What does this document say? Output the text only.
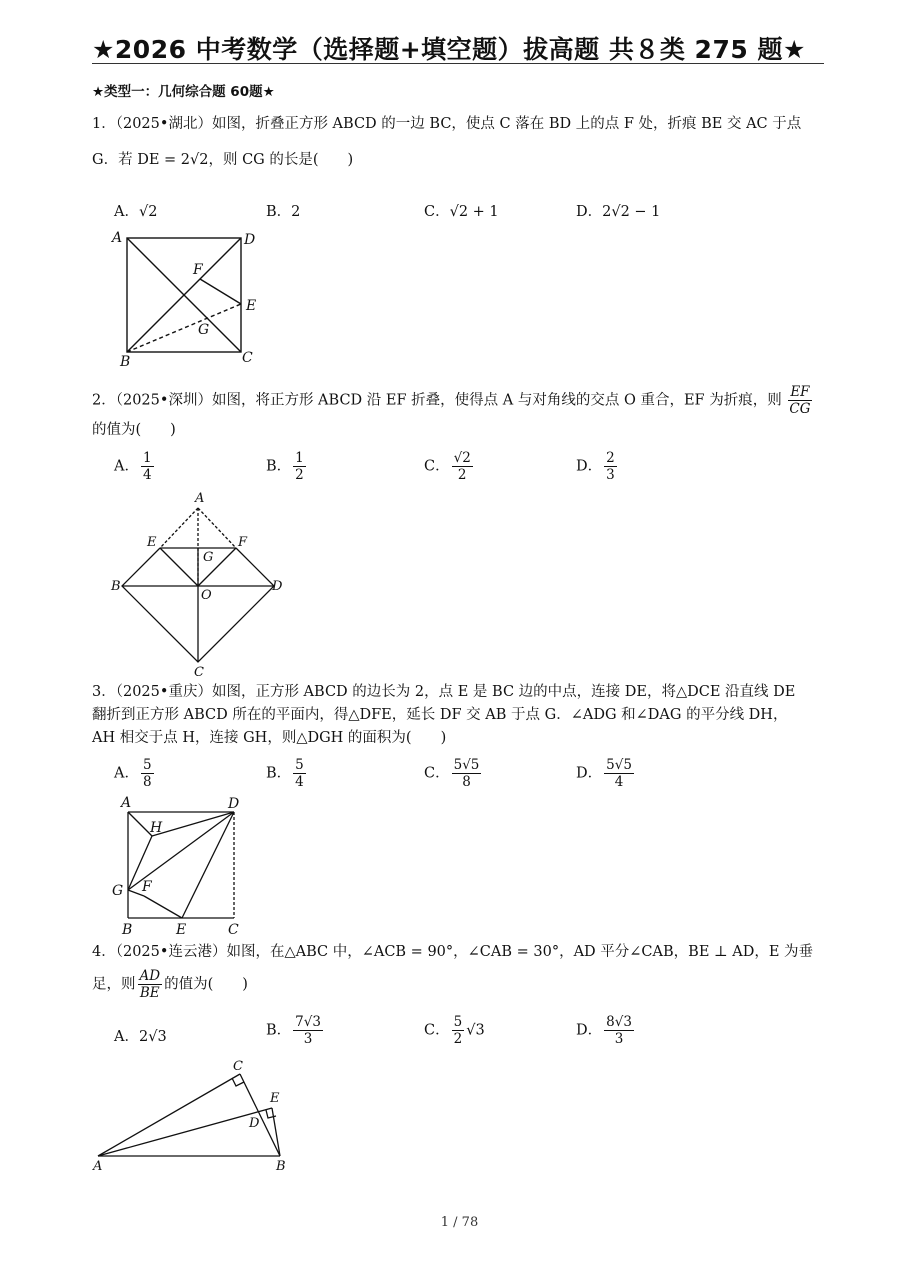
★2026 中考数学（选择题+填空题）拔高题 共８类 275 题★
★类型一：几何综合题 60题★
1．（2025•湖北）如图，折叠正方形 ABCD 的一边 BC，使点 C 落在 BD 上的点 F 处，折痕 BE 交 AC 于点
G．若 DE = 2√2，则 CG 的长是(　　)
A．√2	B．2	C．√2 + 1	D．2√2 − 1
A	D
F
E
G
B	C
2．（2025•深圳）如图，将正方形 ABCD 沿 EF 折叠，使得点 A 与对角线的交点 O 重合，EF 为折痕，则 $\frac{EF}{CG}$
的值为(　　)
A． $\frac{1}{4}$	B． $\frac{1}{2}$	C． $\frac{√2}{2}$	D． $\frac{2}{3}$
A
E	F
G
B	D
O
C
3．（2025•重庆）如图，正方形 ABCD 的边长为 2，点 E 是 BC 边的中点，连接 DE，将△DCE 沿直线 DE
翻折到正方形 ABCD 所在的平面内，得△DFE，延长 DF 交 AB 于点 G．∠ADG 和∠DAG 的平分线 DH，
AH 相交于点 H，连接 GH，则△DGH 的面积为(　　)
A． $\frac{5}{8}$	B． $\frac{5}{4}$	C． $\frac{5√5}{8}$	D． $\frac{5√5}{4}$
A	D
H
G F
B	E	C
4．（2025•连云港）如图，在△ABC 中，∠ACB = 90°，∠CAB = 30°，AD 平分∠CAB，BE ⊥ AD，E 为垂
足，则 $\frac{AD}{BE}$ 的值为(　　)
A．2√3	B． $\frac{7√3}{3}$	C． $\frac{5}{2} √3$	D． $\frac{8√3}{3}$
C
E
D
A	B
1 / 78
